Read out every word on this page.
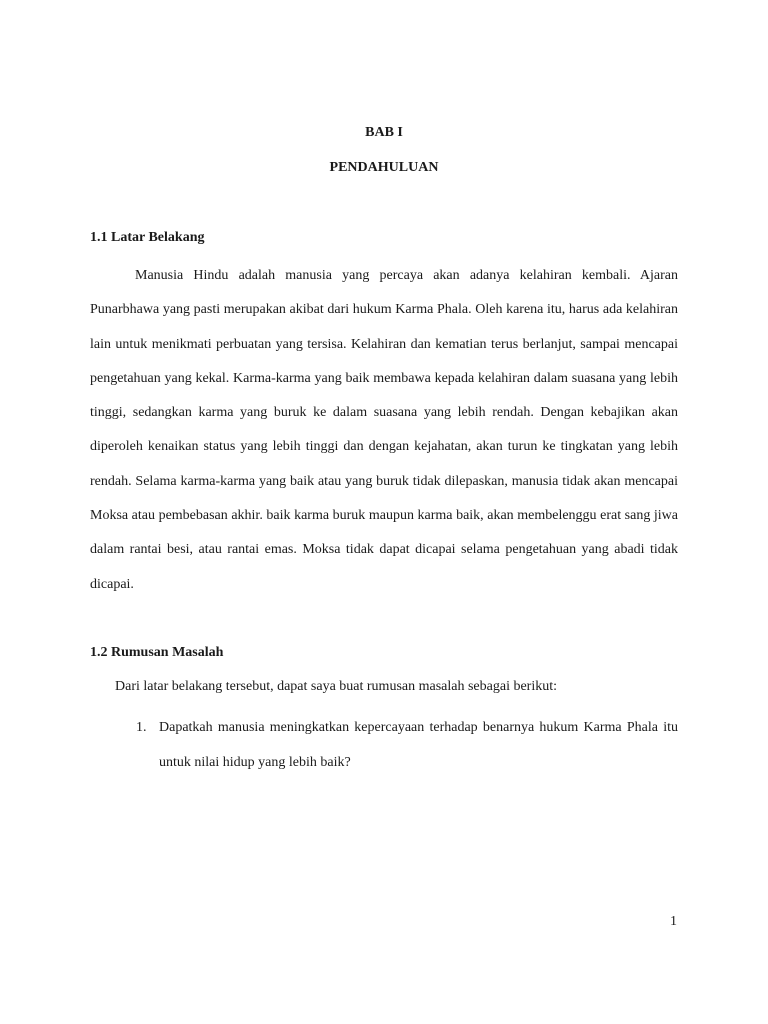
BAB I
PENDAHULUAN
1.1 Latar Belakang

Manusia Hindu adalah manusia yang percaya akan adanya kelahiran kembali. Ajaran Punarbhawa yang pasti merupakan akibat dari hukum Karma Phala. Oleh karena itu, harus ada kelahiran lain untuk menikmati perbuatan yang tersisa. Kelahiran dan kematian terus berlanjut, sampai mencapai pengetahuan yang kekal. Karma-karma yang baik membawa kepada kelahiran dalam suasana yang lebih tinggi, sedangkan karma yang buruk ke dalam suasana yang lebih rendah. Dengan kebajikan akan diperoleh kenaikan status yang lebih tinggi dan dengan kejahatan, akan turun ke tingkatan yang lebih rendah. Selama karma-karma yang baik atau yang buruk tidak dilepaskan, manusia tidak akan mencapai Moksa atau pembebasan akhir. baik karma buruk maupun karma baik, akan membelenggu erat sang jiwa dalam rantai besi, atau rantai emas. Moksa tidak dapat dicapai selama pengetahuan yang abadi tidak dicapai.

1.2 Rumusan Masalah
Dari latar belakang tersebut, dapat saya buat rumusan masalah sebagai berikut:
1. Dapatkah manusia meningkatkan kepercayaan terhadap benarnya hukum Karma Phala itu untuk nilai hidup yang lebih baik?
1
